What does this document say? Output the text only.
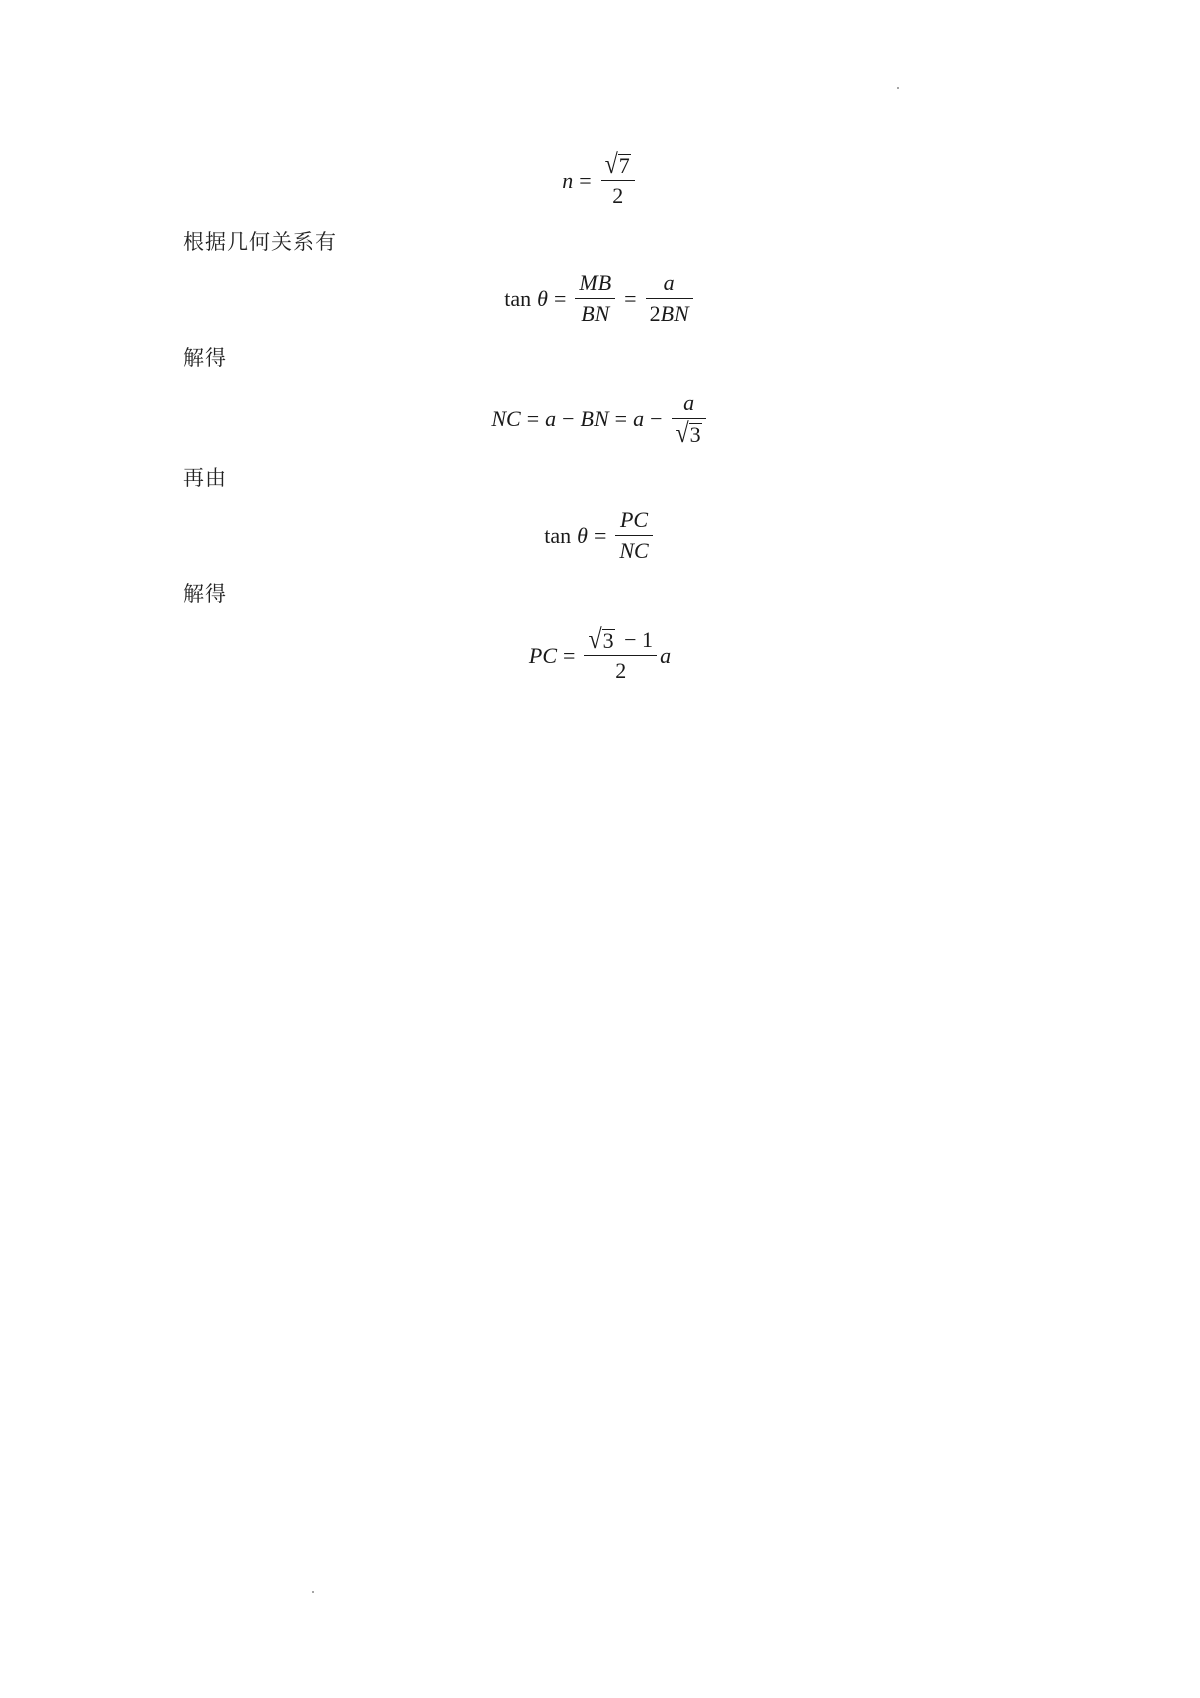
$n = \frac{√ 7}{2}$
根据几何关系有
$\tan \theta = \frac{MB}{BN} = \frac{a}{2BN}$
解得
NC = a − BN = $a - \frac{a}{√ 3}$
再由
$\tan \theta = \frac{PC}{NC}$
解得
PC = $\frac{√ 3 - 1}{2}$ a
